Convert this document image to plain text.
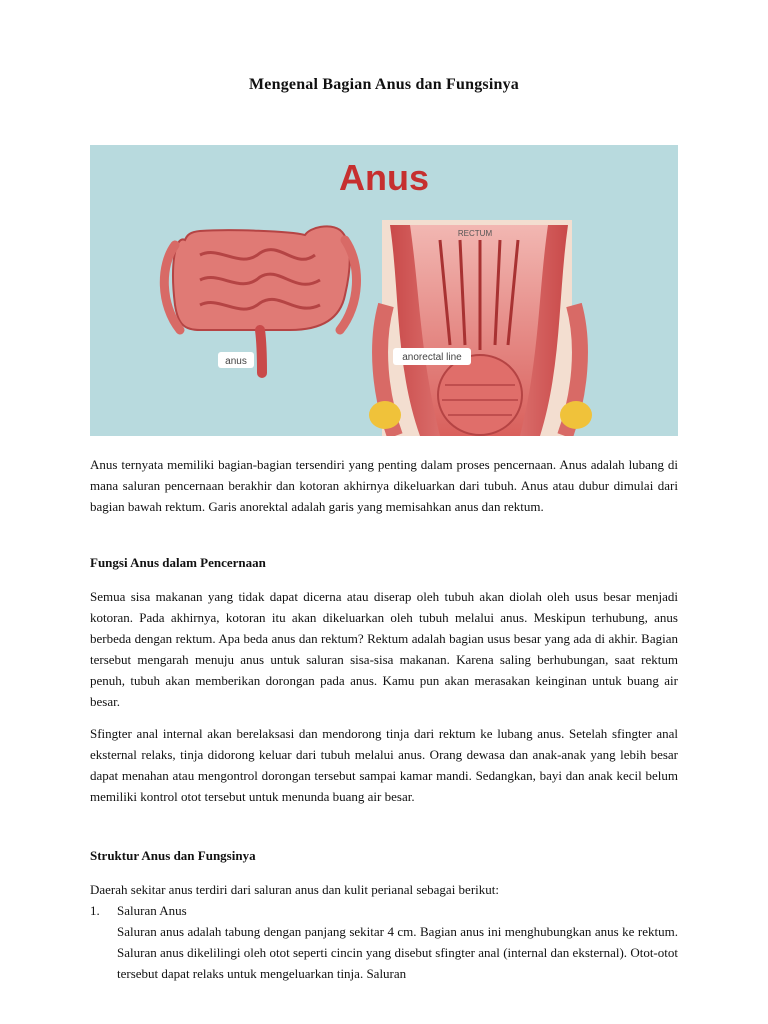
Mengenal Bagian Anus dan Fungsinya
Anus
anus
RECTUM
anorectal line

Anus ternyata memiliki bagian-bagian tersendiri yang penting dalam proses pencernaan. Anus adalah lubang di mana saluran pencernaan berakhir dan kotoran akhirnya dikeluarkan dari tubuh. Anus atau dubur dimulai dari bagian bawah rektum. Garis anorektal adalah garis yang memisahkan anus dan rektum.

Fungsi Anus dalam Pencernaan

Semua sisa makanan yang tidak dapat dicerna atau diserap oleh tubuh akan diolah oleh usus besar menjadi kotoran. Pada akhirnya, kotoran itu akan dikeluarkan oleh tubuh melalui anus. Meskipun terhubung, anus berbeda dengan rektum. Apa beda anus dan rektum? Rektum adalah bagian usus besar yang ada di akhir. Bagian tersebut mengarah menuju anus untuk saluran sisa-sisa makanan. Karena saling berhubungan, saat rektum penuh, tubuh akan memberikan dorongan pada anus. Kamu pun akan merasakan keinginan untuk buang air besar.

Sfingter anal internal akan berelaksasi dan mendorong tinja dari rektum ke lubang anus. Setelah sfingter anal eksternal relaks, tinja didorong keluar dari tubuh melalui anus. Orang dewasa dan anak-anak yang lebih besar dapat menahan atau mengontrol dorongan tersebut sampai kamar mandi. Sedangkan, bayi dan anak kecil belum memiliki kontrol otot tersebut untuk menunda buang air besar.

Struktur Anus dan Fungsinya

Daerah sekitar anus terdiri dari saluran anus dan kulit perianal sebagai berikut:

1. Saluran Anus

Saluran anus adalah tabung dengan panjang sekitar 4 cm. Bagian anus ini menghubungkan anus ke rektum. Saluran anus dikelilingi oleh otot seperti cincin yang disebut sfingter anal (internal dan eksternal). Otot-otot tersebut dapat relaks untuk mengeluarkan tinja. Saluran
